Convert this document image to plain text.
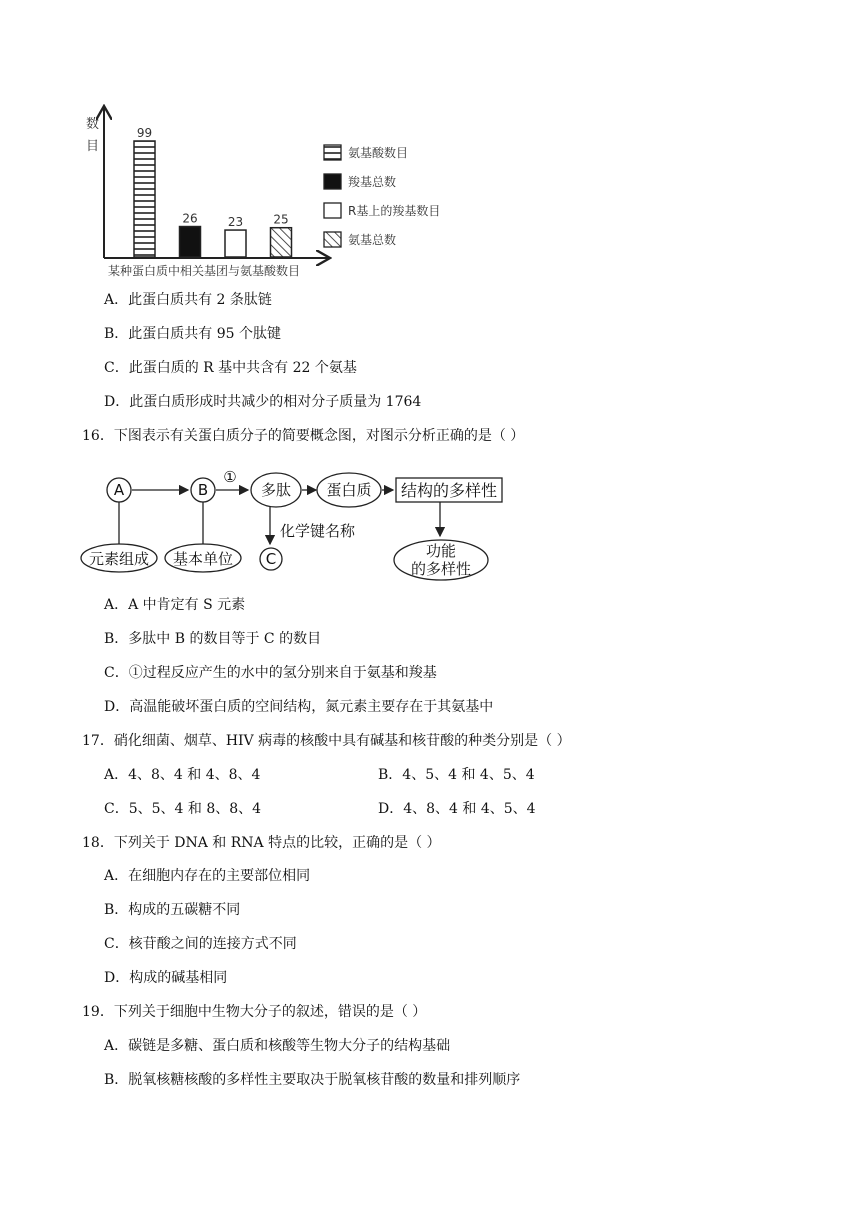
数
目
某种蛋白质中相关基团与氨基酸数目
99
26	23	25
氨基酸数目
羧基总数
R基上的羧基数目
氨基总数
A．此蛋白质共有 2 条肽链
B．此蛋白质共有 95 个肽键
C．此蛋白质的 R 基中共含有 22 个氨基
D．此蛋白质形成时共减少的相对分子质量为 1764
16．下图表示有关蛋白质分子的简要概念图，对图示分析正确的是（ ）
A	B
①
多肽 蛋白质 结构的多样性
功能
的多样性
元素组成 基本单位 C
化学键名称
A．A 中肯定有 S 元素
B．多肽中 B 的数目等于 C 的数目
C．①过程反应产生的水中的氢分别来自于氨基和羧基
D．高温能破坏蛋白质的空间结构，氮元素主要存在于其氨基中
17．硝化细菌、烟草、HIV 病毒的核酸中具有碱基和核苷酸的种类分别是（ ）
A．4、8、4 和 4、8、4	B．4、5、4 和 4、5、4
C．5、5、4 和 8、8、4	D．4、8、4 和 4、5、4
18．下列关于 DNA 和 RNA 特点的比较，正确的是（ ）
A．在细胞内存在的主要部位相同
B．构成的五碳糖不同
C．核苷酸之间的连接方式不同
D．构成的碱基相同
19．下列关于细胞中生物大分子的叙述，错误的是（ ）
A．碳链是多糖、蛋白质和核酸等生物大分子的结构基础
B．脱氧核糖核酸的多样性主要取决于脱氧核苷酸的数量和排列顺序
